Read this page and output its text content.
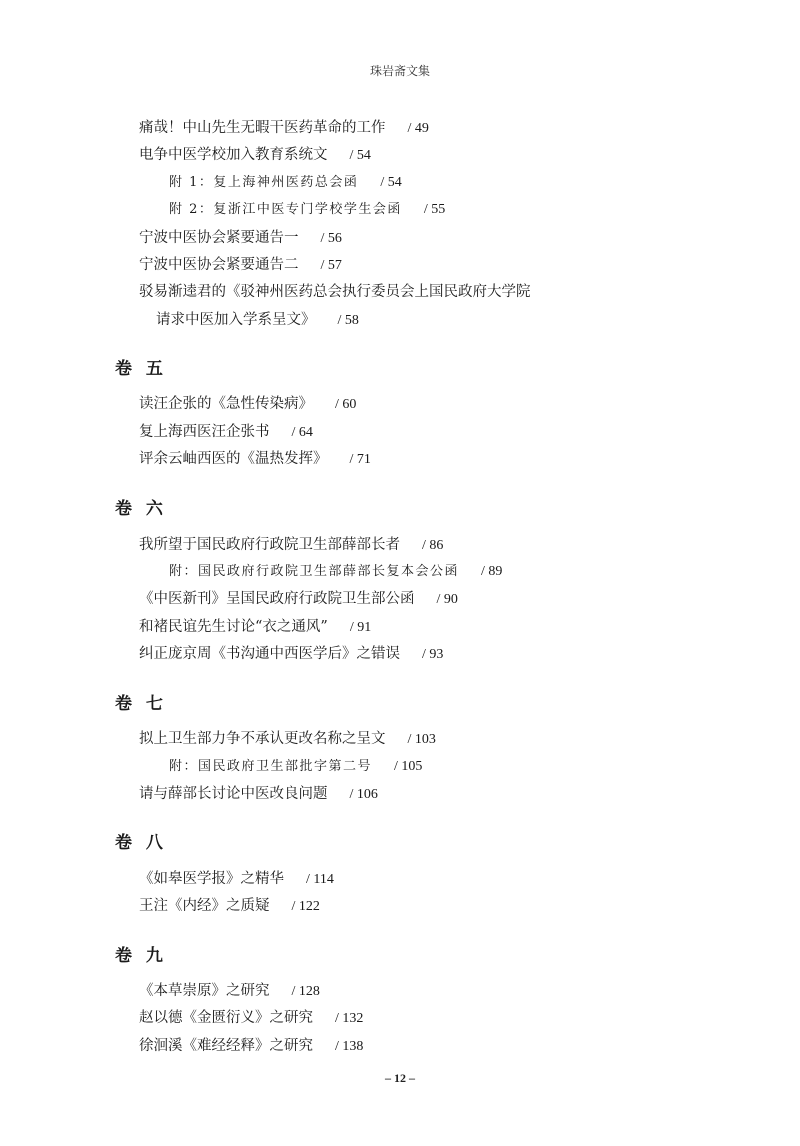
珠岩斋文集
痛哉！中山先生无暇干医药革命的工作 / 49
电争中医学校加入教育系统文 / 54
附 1：复上海神州医药总会函 / 54
附 2：复浙江中医专门学校学生会函 / 55
宁波中医协会紧要通告一 / 56
宁波中医协会紧要通告二 / 57
驳易渐逵君的《驳神州医药总会执行委员会上国民政府大学院
请求中医加入学系呈文》 / 58
卷 五
读汪企张的《急性传染病》 / 60
复上海西医汪企张书 / 64
评余云岫西医的《温热发挥》 / 71
卷 六
我所望于国民政府行政院卫生部薛部长者 / 86
附：国民政府行政院卫生部薛部长复本会公函 / 89
《中医新刊》呈国民政府行政院卫生部公函 / 90
和褚民谊先生讨论“衣之通风” / 91
纠正庞京周《书沟通中西医学后》之错误 / 93
卷 七
拟上卫生部力争不承认更改名称之呈文 / 103
附：国民政府卫生部批字第二号 / 105
请与薛部长讨论中医改良问题 / 106
卷 八
《如皋医学报》之精华 / 114
王注《内经》之质疑 / 122
卷 九
《本草崇原》之研究 / 128
赵以德《金匮衍义》之研究 / 132
徐洄溪《难经经释》之研究 / 138
– 12 –
